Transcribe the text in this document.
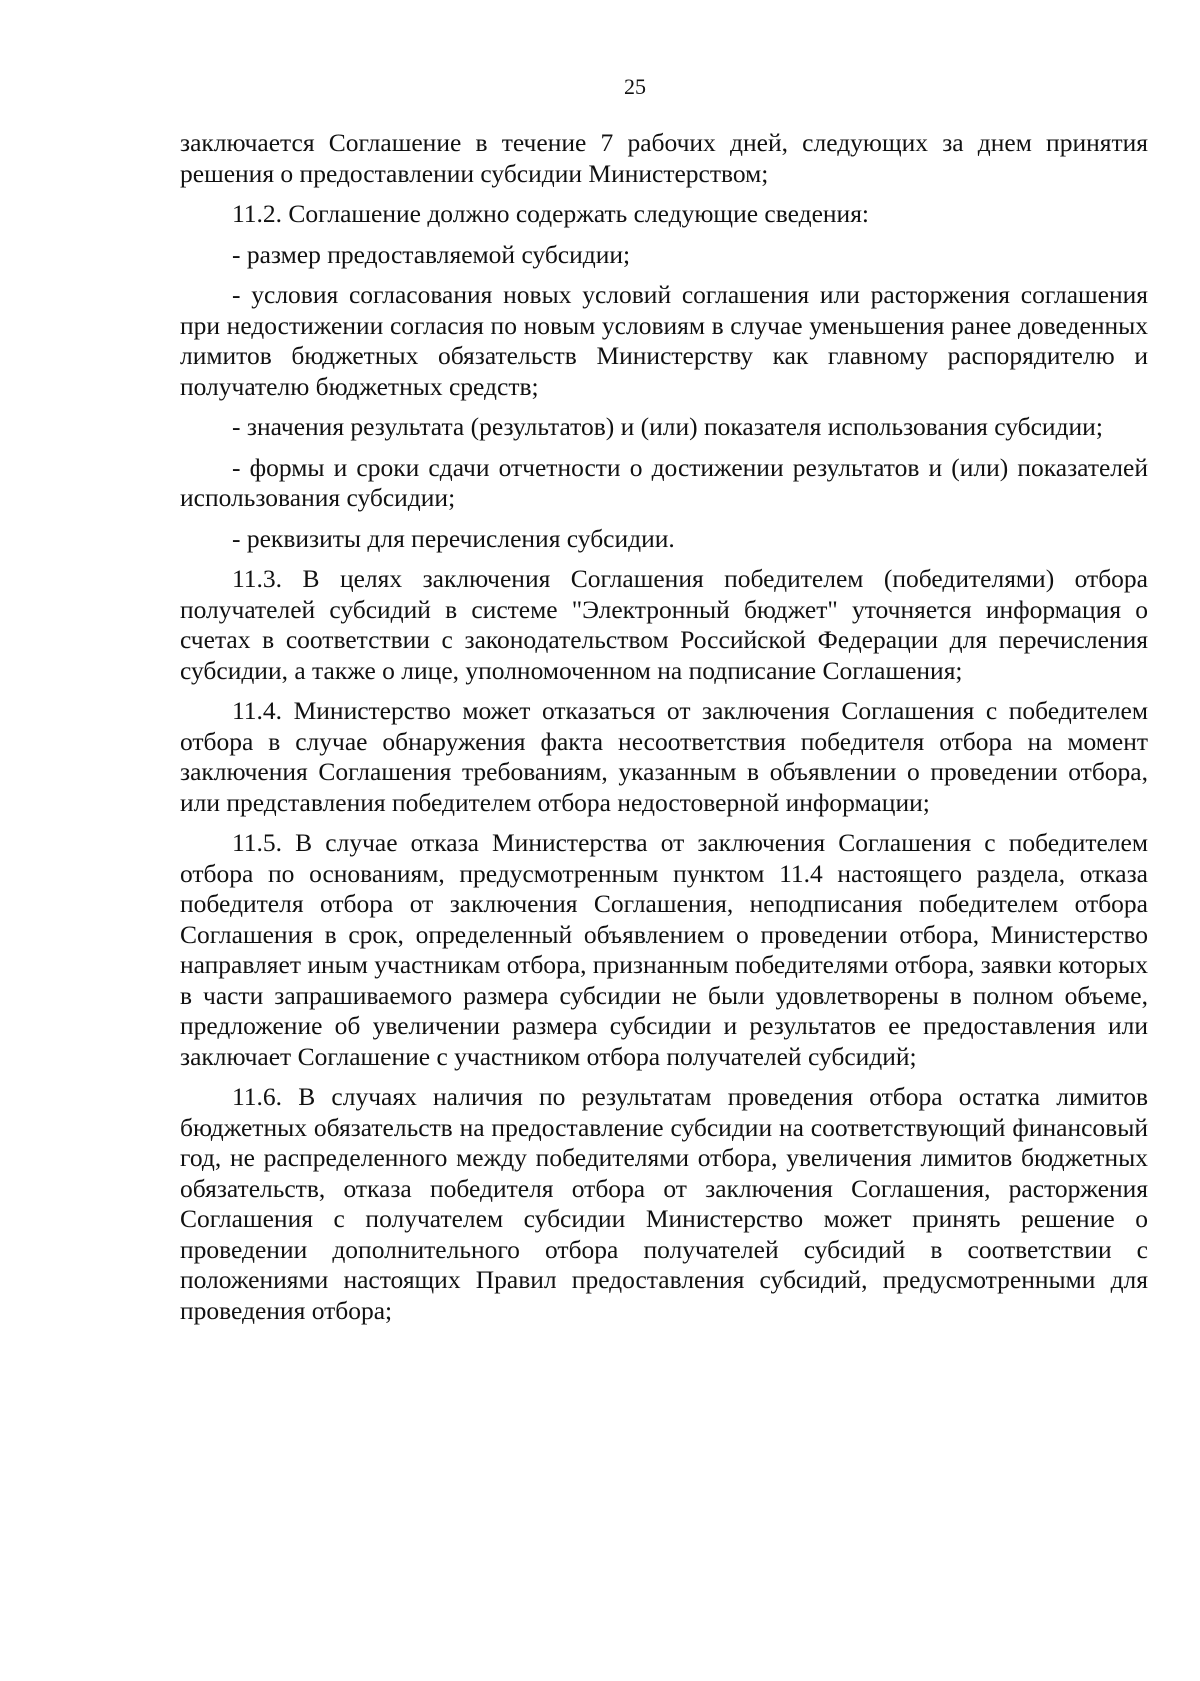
25

заключается Соглашение в течение 7 рабочих дней, следующих за днем принятия решения о предоставлении субсидии Министерством;

11.2. Соглашение должно содержать следующие сведения:

- размер предоставляемой субсидии;

- условия согласования новых условий соглашения или расторжения соглашения при недостижении согласия по новым условиям в случае уменьшения ранее доведенных лимитов бюджетных обязательств Министерству как главному распорядителю и получателю бюджетных средств;

- значения результата (результатов) и (или) показателя использования субсидии;

- формы и сроки сдачи отчетности о достижении результатов и (или) показателей использования субсидии;

- реквизиты для перечисления субсидии.

11.3. В целях заключения Соглашения победителем (победителями) отбора получателей субсидий в системе "Электронный бюджет" уточняется информация о счетах в соответствии с законодательством Российской Федерации для перечисления субсидии, а также о лице, уполномоченном на подписание Соглашения;

11.4. Министерство может отказаться от заключения Соглашения с победителем отбора в случае обнаружения факта несоответствия победителя отбора на момент заключения Соглашения требованиям, указанным в объявлении о проведении отбора, или представления победителем отбора недостоверной информации;

11.5. В случае отказа Министерства от заключения Соглашения с победителем отбора по основаниям, предусмотренным пунктом 11.4 настоящего раздела, отказа победителя отбора от заключения Соглашения, неподписания победителем отбора Соглашения в срок, определенный объявлением о проведении отбора, Министерство направляет иным участникам отбора, признанным победителями отбора, заявки которых в части запрашиваемого размера субсидии не были удовлетворены в полном объеме, предложение об увеличении размера субсидии и результатов ее предоставления или заключает Соглашение с участником отбора получателей субсидий;

11.6. В случаях наличия по результатам проведения отбора остатка лимитов бюджетных обязательств на предоставление субсидии на соответствующий финансовый год, не распределенного между победителями отбора, увеличения лимитов бюджетных обязательств, отказа победителя отбора от заключения Соглашения, расторжения Соглашения с получателем субсидии Министерство может принять решение о проведении дополнительного отбора получателей субсидий в соответствии с положениями настоящих Правил предоставления субсидий, предусмотренными для проведения отбора;
